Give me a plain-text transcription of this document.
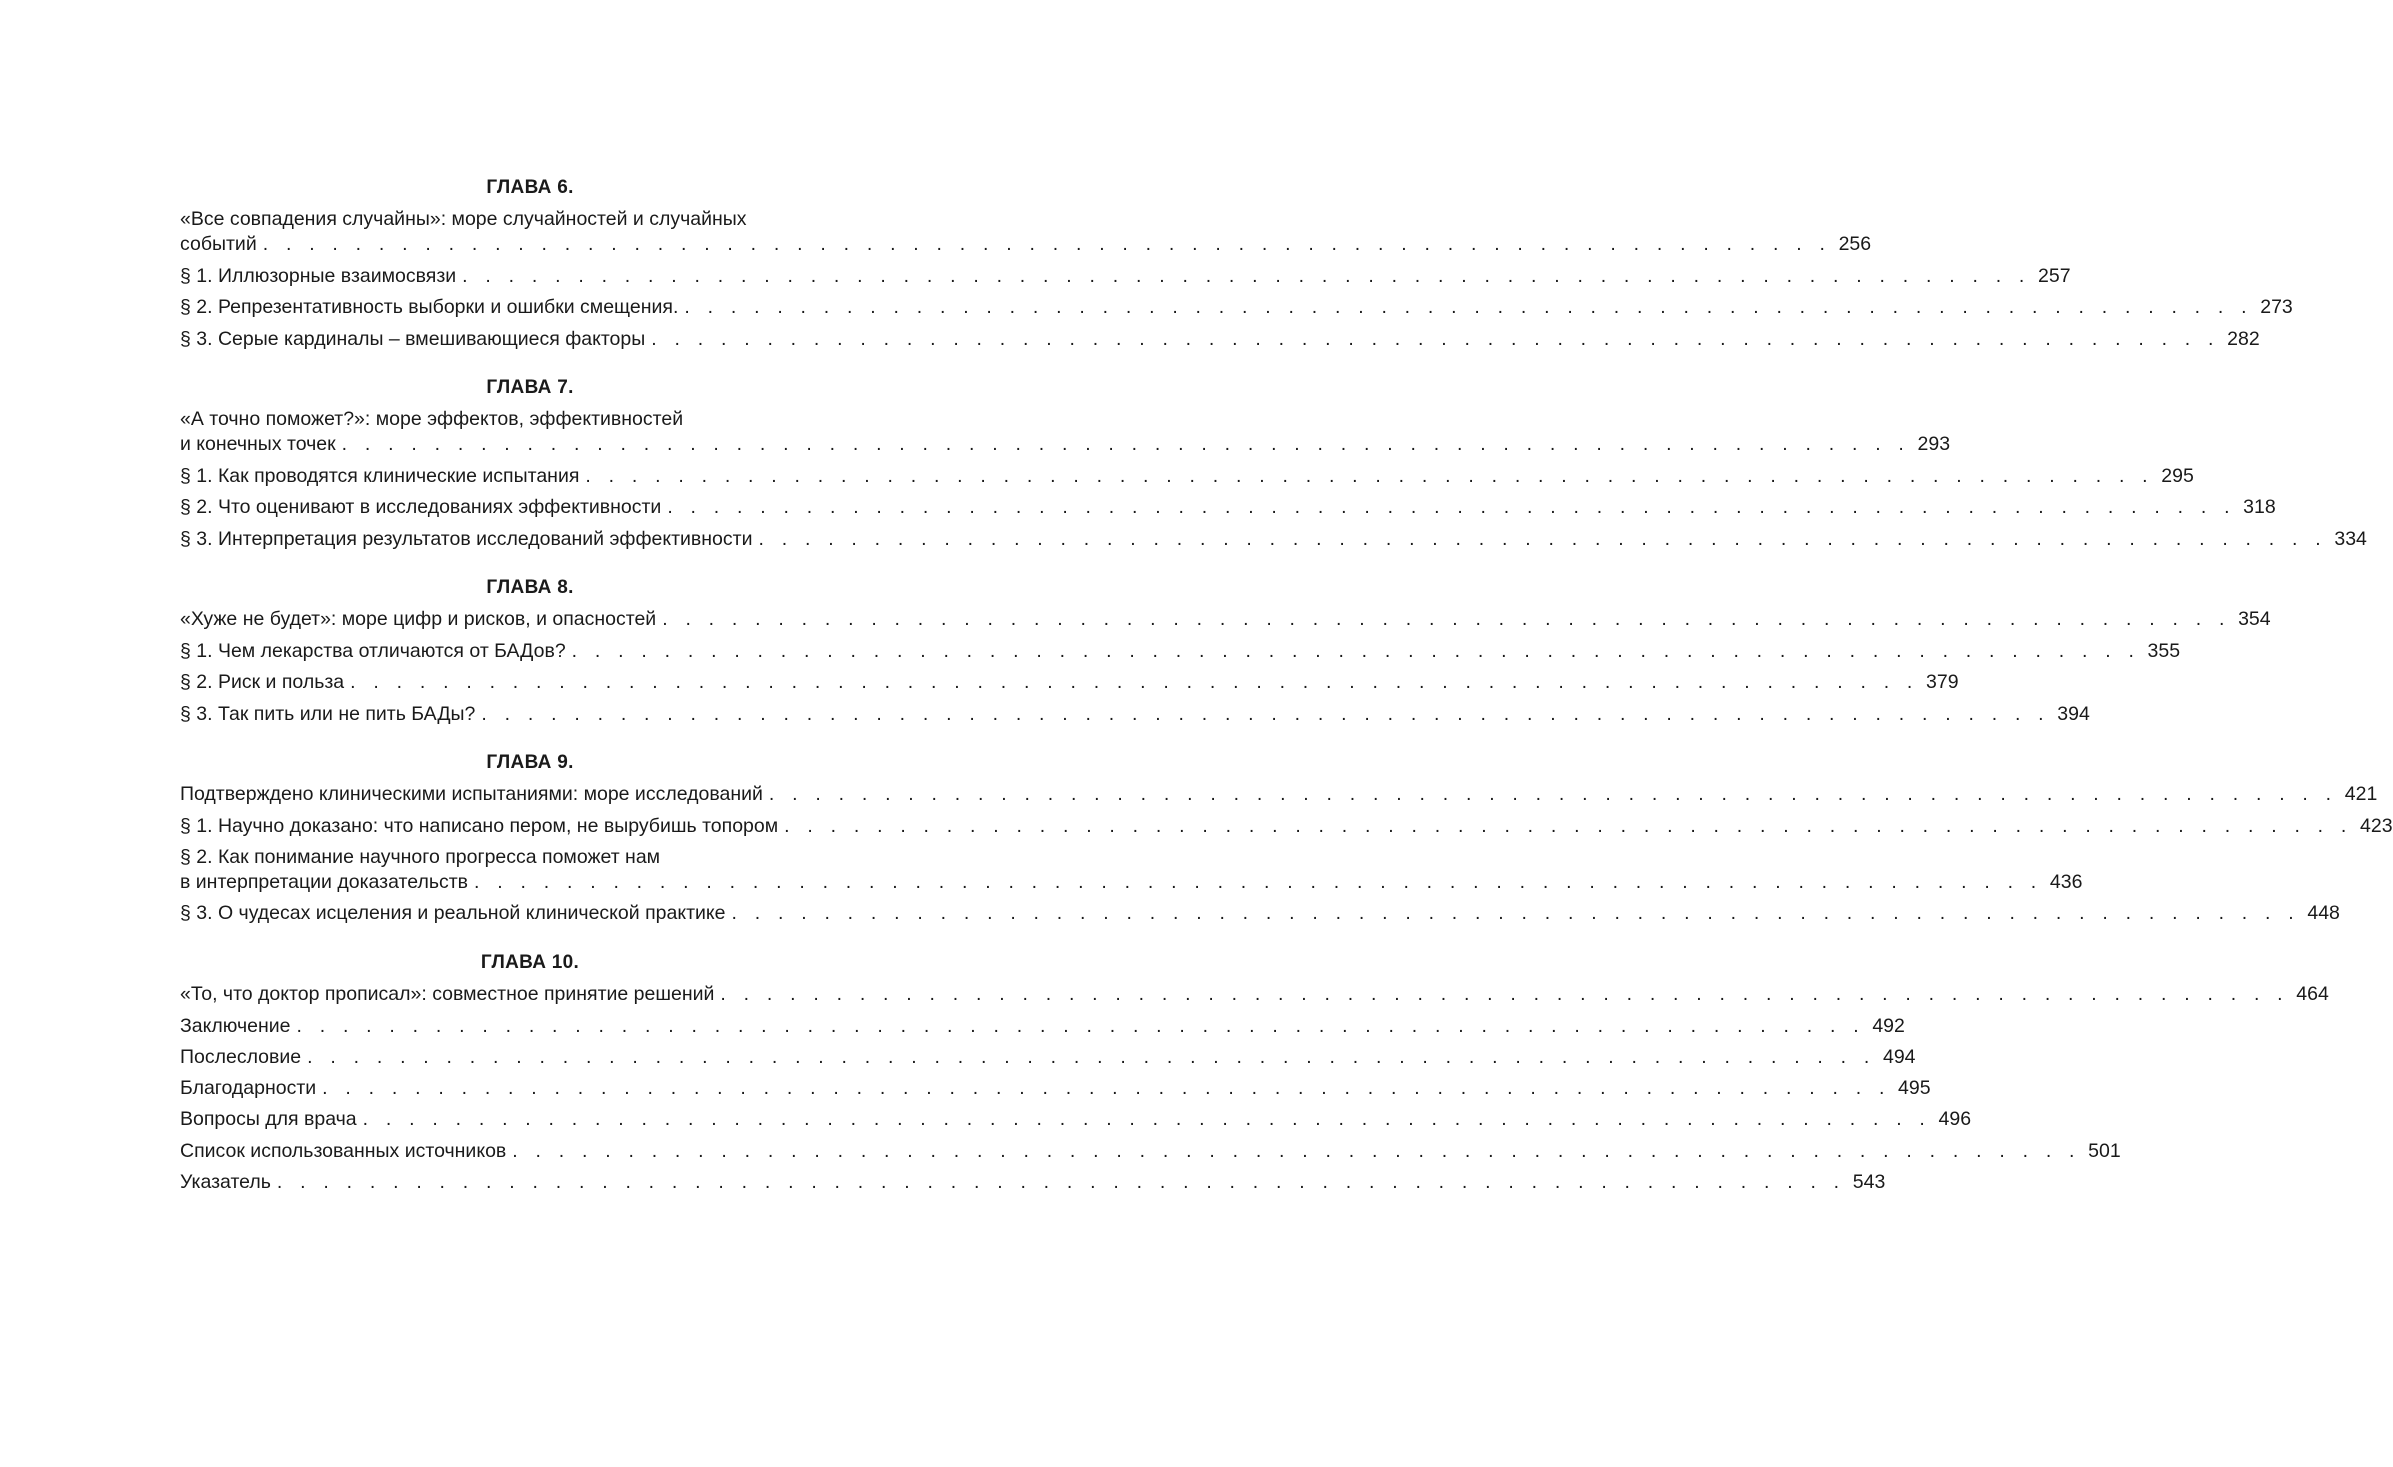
ГЛАВА 6.
«Все совпадения случайны»: море случайностей и случайных
событий . . . . . . . . . . . . . . . . . . . . . . . . . . . . . . . . . . . . . . . . . . . . . . . . . . . . . . . . . . . . . . . . . . . . 256
§ 1. Иллюзорные взаимосвязи . . . . . . . . . . . . . . . . . . . . . . . . . . . . . . . . . . . . . . . . . . . . . . . . . . . . . . . . . . . . . . . . . . . . 257
§ 2. Репрезентативность выборки и ошибки смещения. . . . . . . . . . . . . . . . . . . . . . . . . . . . . . . . . . . . . . . . . . . . . . . . . . . . . . . . . . . . . . . . . . . . . 273
§ 3. Серые кардиналы – вмешивающиеся факторы . . . . . . . . . . . . . . . . . . . . . . . . . . . . . . . . . . . . . . . . . . . . . . . . . . . . . . . . . . . . . . . . . . . . 282
ГЛАВА 7.
«А точно поможет?»: море эффектов, эффективностей
и конечных точек . . . . . . . . . . . . . . . . . . . . . . . . . . . . . . . . . . . . . . . . . . . . . . . . . . . . . . . . . . . . . . . . . . . . 293
§ 1. Как проводятся клинические испытания . . . . . . . . . . . . . . . . . . . . . . . . . . . . . . . . . . . . . . . . . . . . . . . . . . . . . . . . . . . . . . . . . . . . 295
§ 2. Что оценивают в исследованиях эффективности . . . . . . . . . . . . . . . . . . . . . . . . . . . . . . . . . . . . . . . . . . . . . . . . . . . . . . . . . . . . . . . . . . . . 318
§ 3. Интерпретация результатов исследований эффективности . . . . . . . . . . . . . . . . . . . . . . . . . . . . . . . . . . . . . . . . . . . . . . . . . . . . . . . . . . . . . . . . . . . . 334
ГЛАВА 8.
«Хуже не будет»: море цифр и рисков, и опасностей . . . . . . . . . . . . . . . . . . . . . . . . . . . . . . . . . . . . . . . . . . . . . . . . . . . . . . . . . . . . . . . . . . . . 354
§ 1. Чем лекарства отличаются от БАДов? . . . . . . . . . . . . . . . . . . . . . . . . . . . . . . . . . . . . . . . . . . . . . . . . . . . . . . . . . . . . . . . . . . . . 355
§ 2. Риск и польза . . . . . . . . . . . . . . . . . . . . . . . . . . . . . . . . . . . . . . . . . . . . . . . . . . . . . . . . . . . . . . . . . . . . 379
§ 3. Так пить или не пить БАДы? . . . . . . . . . . . . . . . . . . . . . . . . . . . . . . . . . . . . . . . . . . . . . . . . . . . . . . . . . . . . . . . . . . . . 394
ГЛАВА 9.
Подтверждено клиническими испытаниями: море исследований . . . . . . . . . . . . . . . . . . . . . . . . . . . . . . . . . . . . . . . . . . . . . . . . . . . . . . . . . . . . . . . . . . . . 421
§ 1. Научно доказано: что написано пером, не вырубишь топором . . . . . . . . . . . . . . . . . . . . . . . . . . . . . . . . . . . . . . . . . . . . . . . . . . . . . . . . . . . . . . . . . . . . 423
§ 2. Как понимание научного прогресса поможет нам
в интерпретации доказательств . . . . . . . . . . . . . . . . . . . . . . . . . . . . . . . . . . . . . . . . . . . . . . . . . . . . . . . . . . . . . . . . . . . . 436
§ 3. О чудесах исцеления и реальной клинической практике . . . . . . . . . . . . . . . . . . . . . . . . . . . . . . . . . . . . . . . . . . . . . . . . . . . . . . . . . . . . . . . . . . . . 448
ГЛАВА 10.
«То, что доктор прописал»: совместное принятие решений . . . . . . . . . . . . . . . . . . . . . . . . . . . . . . . . . . . . . . . . . . . . . . . . . . . . . . . . . . . . . . . . . . . . 464
Заключение . . . . . . . . . . . . . . . . . . . . . . . . . . . . . . . . . . . . . . . . . . . . . . . . . . . . . . . . . . . . . . . . . . . . 492
Послесловие . . . . . . . . . . . . . . . . . . . . . . . . . . . . . . . . . . . . . . . . . . . . . . . . . . . . . . . . . . . . . . . . . . . . 494
Благодарности . . . . . . . . . . . . . . . . . . . . . . . . . . . . . . . . . . . . . . . . . . . . . . . . . . . . . . . . . . . . . . . . . . . . 495
Вопросы для врача . . . . . . . . . . . . . . . . . . . . . . . . . . . . . . . . . . . . . . . . . . . . . . . . . . . . . . . . . . . . . . . . . . . . 496
Список использованных источников . . . . . . . . . . . . . . . . . . . . . . . . . . . . . . . . . . . . . . . . . . . . . . . . . . . . . . . . . . . . . . . . . . . . 501
Указатель . . . . . . . . . . . . . . . . . . . . . . . . . . . . . . . . . . . . . . . . . . . . . . . . . . . . . . . . . . . . . . . . . . . . 543
